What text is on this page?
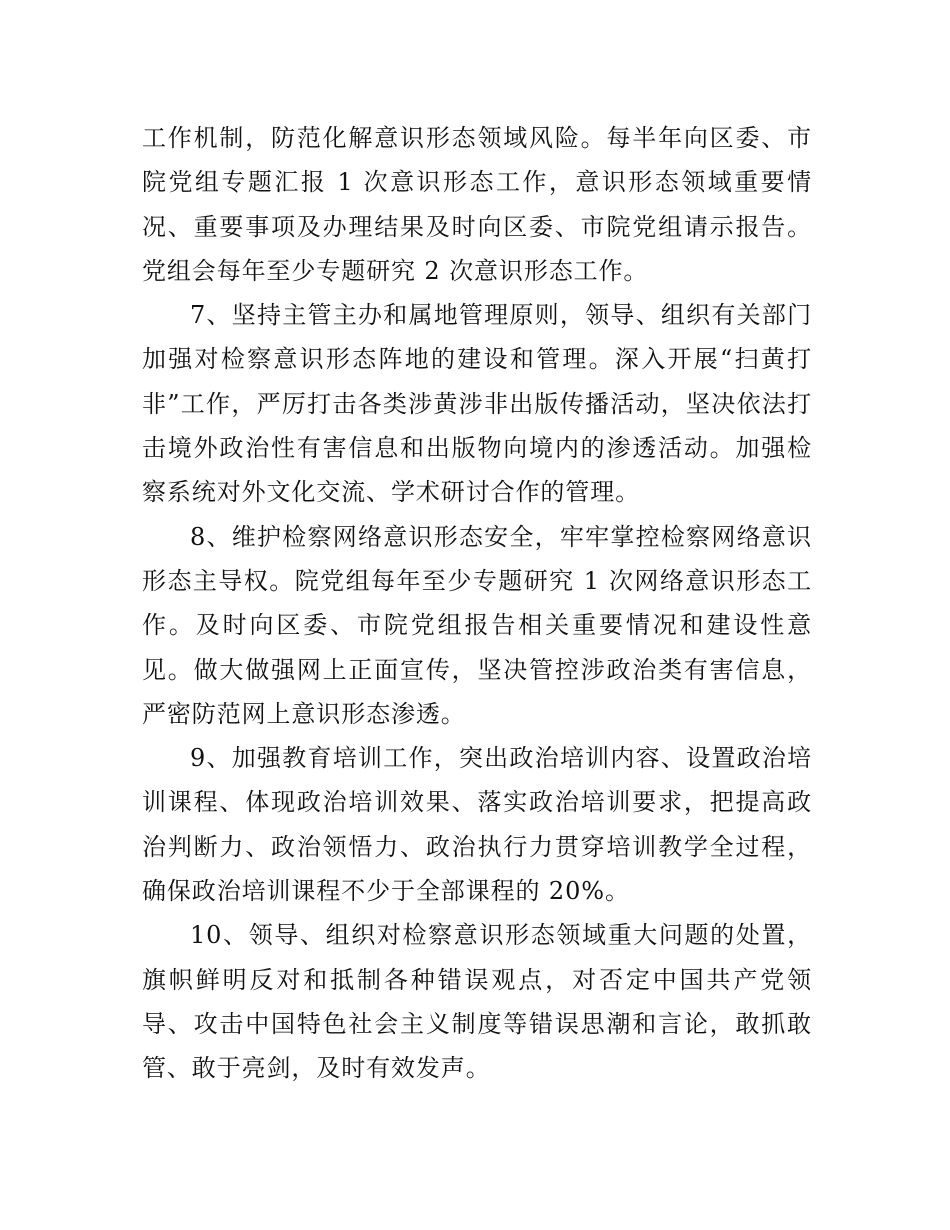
工作机制，防范化解意识形态领域风险。每半年向区委、市院党组专题汇报 1 次意识形态工作，意识形态领域重要情况、重要事项及办理结果及时向区委、市院党组请示报告。党组会每年至少专题研究 2 次意识形态工作。

7、坚持主管主办和属地管理原则，领导、组织有关部门加强对检察意识形态阵地的建设和管理。深入开展“扫黄打非”工作，严厉打击各类涉黄涉非出版传播活动，坚决依法打击境外政治性有害信息和出版物向境内的渗透活动。加强检察系统对外文化交流、学术研讨合作的管理。

8、维护检察网络意识形态安全，牢牢掌控检察网络意识形态主导权。院党组每年至少专题研究 1 次网络意识形态工作。及时向区委、市院党组报告相关重要情况和建设性意见。做大做强网上正面宣传，坚决管控涉政治类有害信息，严密防范网上意识形态渗透。

9、加强教育培训工作，突出政治培训内容、设置政治培训课程、体现政治培训效果、落实政治培训要求，把提高政治判断力、政治领悟力、政治执行力贯穿培训教学全过程，确保政治培训课程不少于全部课程的 20%。

10、领导、组织对检察意识形态领域重大问题的处置，旗帜鲜明反对和抵制各种错误观点，对否定中国共产党领导、攻击中国特色社会主义制度等错误思潮和言论，敢抓敢管、敢于亮剑，及时有效发声。
